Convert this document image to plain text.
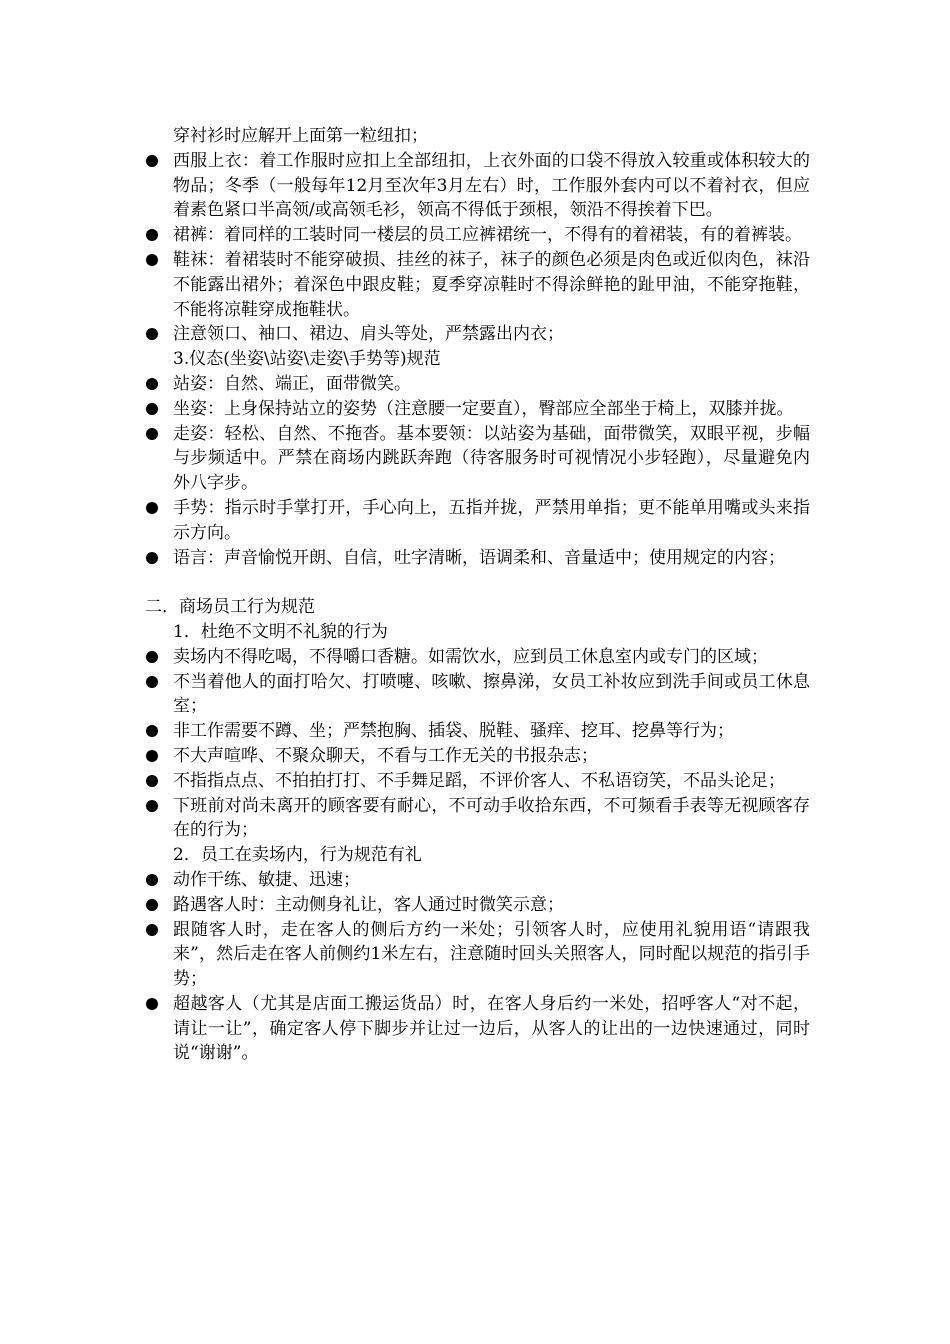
穿衬衫时应解开上面第一粒纽扣；
西服上衣：着工作服时应扣上全部纽扣，上衣外面的口袋不得放入较重或体积较大的物品；冬季（一般每年12月至次年3月左右）时，工作服外套内可以不着衬衣，但应着素色紧口半高领/或高领毛衫，领高不得低于颈根，领沿不得挨着下巴。
裙裤：着同样的工装时同一楼层的员工应裤裙统一，不得有的着裙装，有的着裤装。
鞋袜：着裙装时不能穿破损、挂丝的袜子，袜子的颜色必须是肉色或近似肉色，袜沿不能露出裙外；着深色中跟皮鞋；夏季穿凉鞋时不得涂鲜艳的趾甲油，不能穿拖鞋，不能将凉鞋穿成拖鞋状。
注意领口、袖口、裙边、肩头等处，严禁露出内衣；
3.仪态(坐姿\站姿\走姿\手势等)规范
站姿：自然、端正，面带微笑。
坐姿：上身保持站立的姿势（注意腰一定要直），臀部应全部坐于椅上，双膝并拢。
走姿：轻松、自然、不拖沓。基本要领：以站姿为基础，面带微笑，双眼平视，步幅与步频适中。严禁在商场内跳跃奔跑（待客服务时可视情况小步轻跑），尽量避免内外八字步。
手势：指示时手掌打开，手心向上，五指并拢，严禁用单指；更不能单用嘴或头来指示方向。
语言：声音愉悦开朗、自信，吐字清晰，语调柔和、音量适中；使用规定的内容；
二．商场员工行为规范
1．杜绝不文明不礼貌的行为
卖场内不得吃喝，不得嚼口香糖。如需饮水，应到员工休息室内或专门的区域；
不当着他人的面打哈欠、打喷嚏、咳嗽、擦鼻涕，女员工补妆应到洗手间或员工休息室；
非工作需要不蹲、坐；严禁抱胸、插袋、脱鞋、骚痒、挖耳、挖鼻等行为；
不大声喧哗、不聚众聊天，不看与工作无关的书报杂志；
不指指点点、不拍拍打打、不手舞足蹈，不评价客人、不私语窃笑，不品头论足；
下班前对尚未离开的顾客要有耐心，不可动手收拾东西，不可频看手表等无视顾客存在的行为；
2．员工在卖场内，行为规范有礼
动作干练、敏捷、迅速；
路遇客人时：主动侧身礼让，客人通过时微笑示意；
跟随客人时，走在客人的侧后方约一米处；引领客人时，应使用礼貌用语“请跟我来”，然后走在客人前侧约1米左右，注意随时回头关照客人，同时配以规范的指引手势；
超越客人（尤其是店面工搬运货品）时，在客人身后约一米处，招呼客人“对不起，请让一让”，确定客人停下脚步并让过一边后，从客人的让出的一边快速通过，同时说“谢谢”。
